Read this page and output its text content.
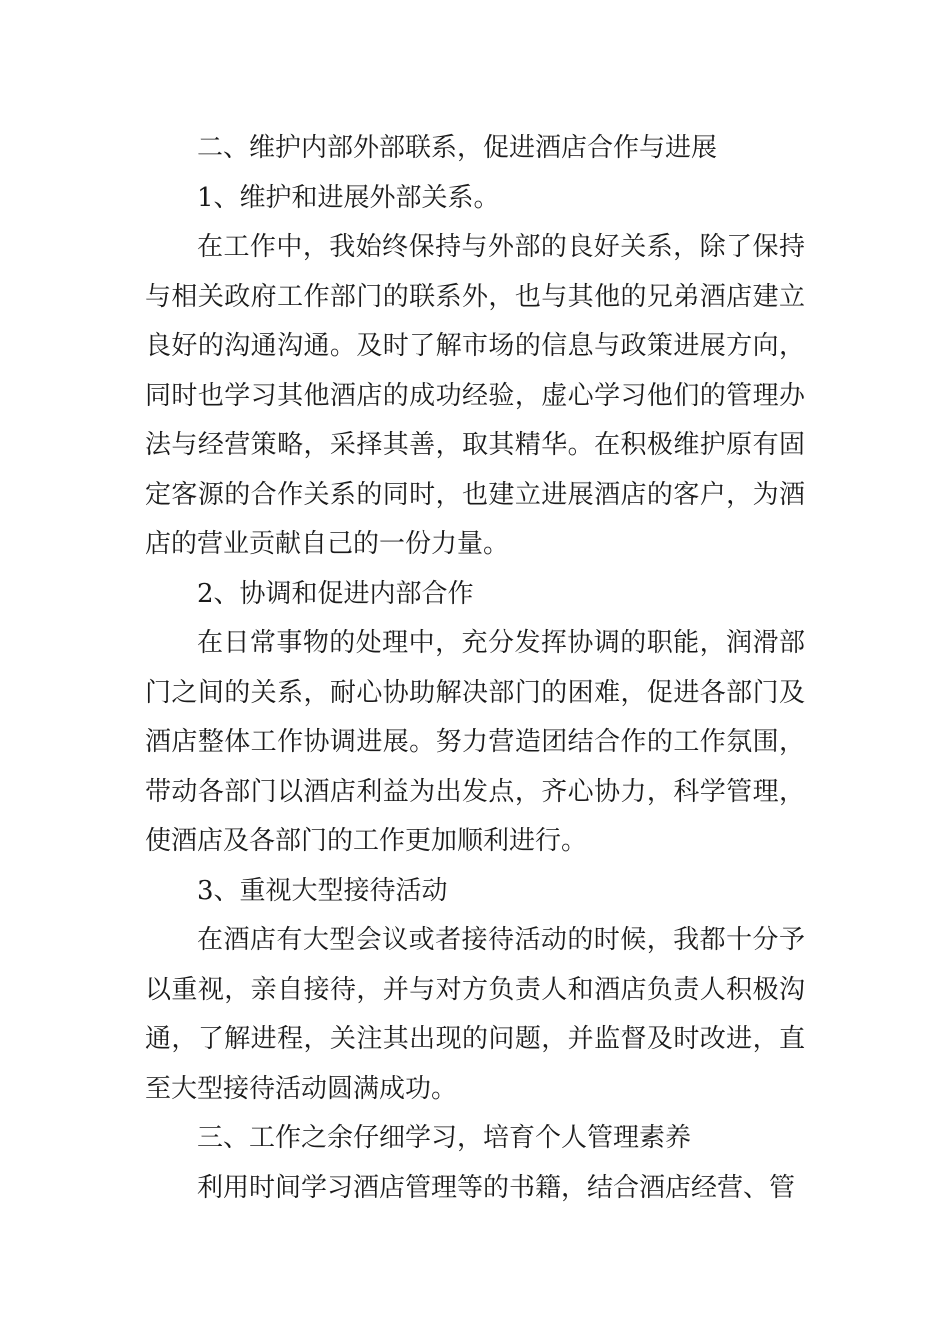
二、维护内部外部联系，促进酒店合作与进展

1、维护和进展外部关系。

在工作中，我始终保持与外部的良好关系，除了保持与相关政府工作部门的联系外，也与其他的兄弟酒店建立良好的沟通沟通。及时了解市场的信息与政策进展方向，同时也学习其他酒店的成功经验，虚心学习他们的管理办法与经营策略，采择其善，取其精华。在积极维护原有固定客源的合作关系的同时，也建立进展酒店的客户，为酒店的营业贡献自己的一份力量。

2、协调和促进内部合作

在日常事物的处理中，充分发挥协调的职能，润滑部门之间的关系，耐心协助解决部门的困难，促进各部门及酒店整体工作协调进展。努力营造团结合作的工作氛围，带动各部门以酒店利益为出发点，齐心协力，科学管理，使酒店及各部门的工作更加顺利进行。

3、重视大型接待活动

在酒店有大型会议或者接待活动的时候，我都十分予以重视，亲自接待，并与对方负责人和酒店负责人积极沟通，了解进程，关注其出现的问题，并监督及时改进，直至大型接待活动圆满成功。

三、工作之余仔细学习，培育个人管理素养

利用时间学习酒店管理等的书籍，结合酒店经营、管
